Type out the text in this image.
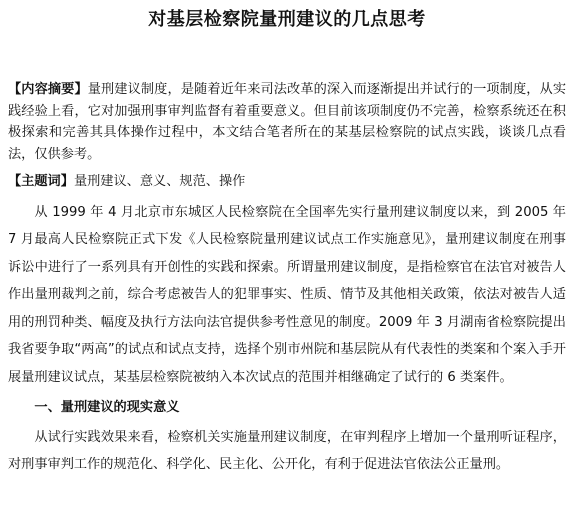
对基层检察院量刑建议的几点思考

【内容摘要】量刑建议制度，是随着近年来司法改革的深入而逐渐提出并试行的一项制度，从实践经验上看，它对加强刑事审判监督有着重要意义。但目前该项制度仍不完善，检察系统还在积极探索和完善其具体操作过程中，本文结合笔者所在的某基层检察院的试点实践，谈谈几点看法，仅供参考。

【主题词】量刑建议、意义、规范、操作

从 1999 年 4 月北京市东城区人民检察院在全国率先实行量刑建议制度以来，到 2005 年 7 月最高人民检察院正式下发《人民检察院量刑建议试点工作实施意见》，量刑建议制度在刑事诉讼中进行了一系列具有开创性的实践和探索。所谓量刑建议制度，是指检察官在法官对被告人作出量刑裁判之前，综合考虑被告人的犯罪事实、性质、情节及其他相关政策，依法对被告人适用的刑罚种类、幅度及执行方法向法官提供参考性意见的制度。2009 年 3 月湖南省检察院提出我省要争取“两高”的试点和试点支持，选择个别市州院和基层院从有代表性的类案和个案入手开展量刑建议试点，某基层检察院被纳入本次试点的范围并相继确定了试行的 6 类案件。

一、量刑建议的现实意义

从试行实践效果来看，检察机关实施量刑建议制度，在审判程序上增加一个量刑听证程序，对刑事审判工作的规范化、科学化、民主化、公开化，有利于促进法官依法公正量刑。
